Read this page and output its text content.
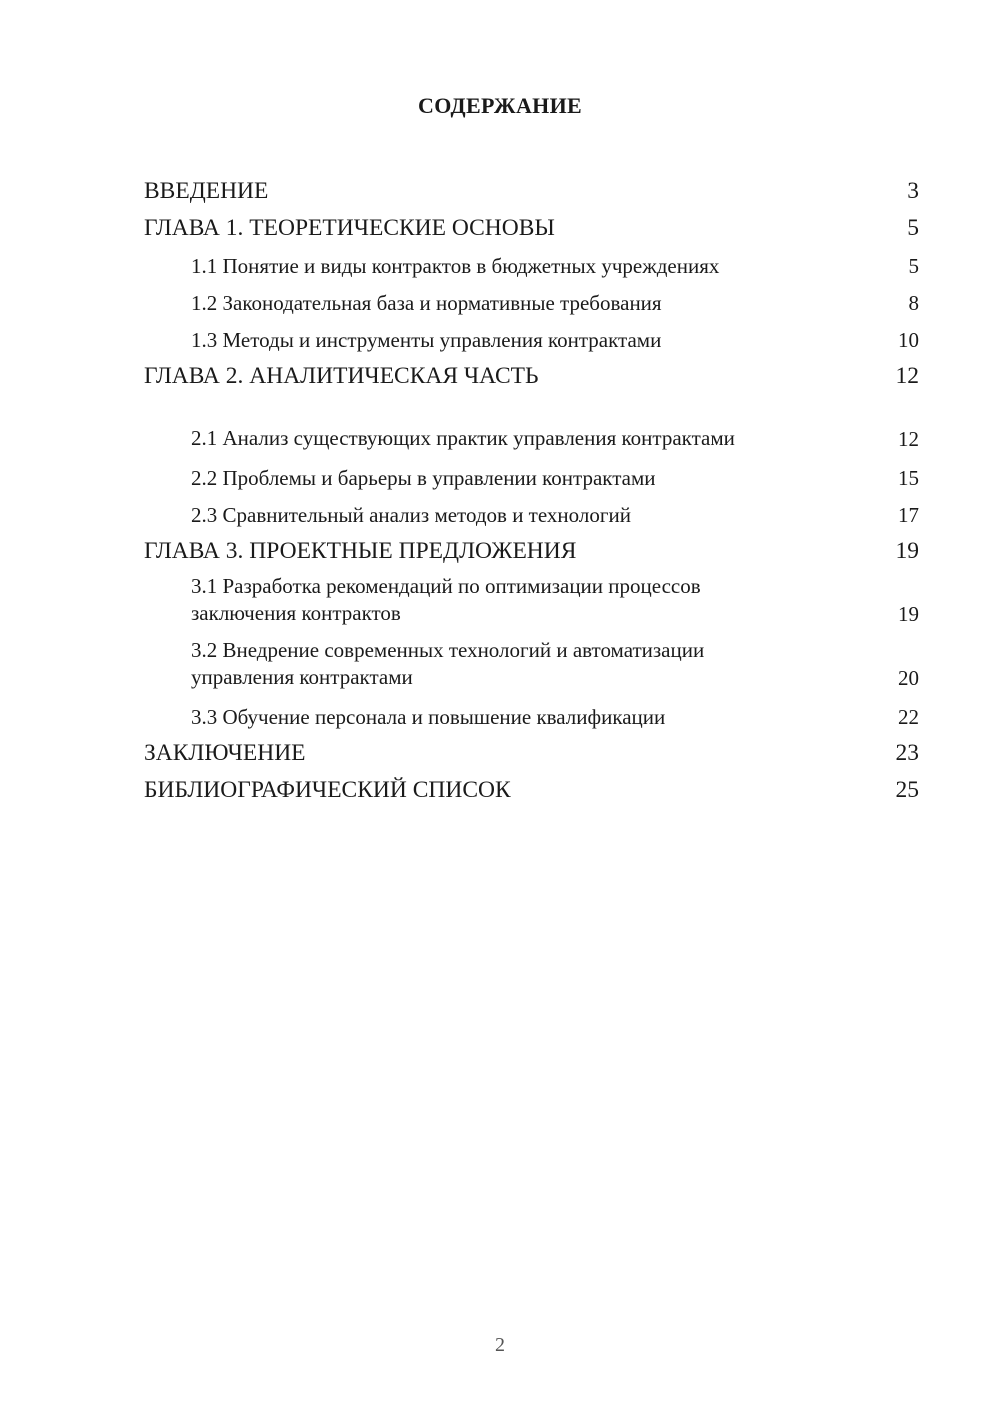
СОДЕРЖАНИЕ
ВВЕДЕНИЕ	3
ГЛАВА 1. ТЕОРЕТИЧЕСКИЕ ОСНОВЫ	5
1.1 Понятие и виды контрактов в бюджетных учреждениях	5
1.2 Законодательная база и нормативные требования	8
1.3 Методы и инструменты управления контрактами	10
ГЛАВА 2. АНАЛИТИЧЕСКАЯ ЧАСТЬ	12
2.1 Анализ существующих практик управления контрактами	12
2.2 Проблемы и барьеры в управлении контрактами	15
2.3 Сравнительный анализ методов и технологий	17
ГЛАВА 3. ПРОЕКТНЫЕ ПРЕДЛОЖЕНИЯ	19
3.1 Разработка рекомендаций по оптимизации процессов заключения контрактов	19
3.2 Внедрение современных технологий и автоматизации управления контрактами	20
3.3 Обучение персонала и повышение квалификации	22
ЗАКЛЮЧЕНИЕ	23
БИБЛИОГРАФИЧЕСКИЙ СПИСОК	25
2
